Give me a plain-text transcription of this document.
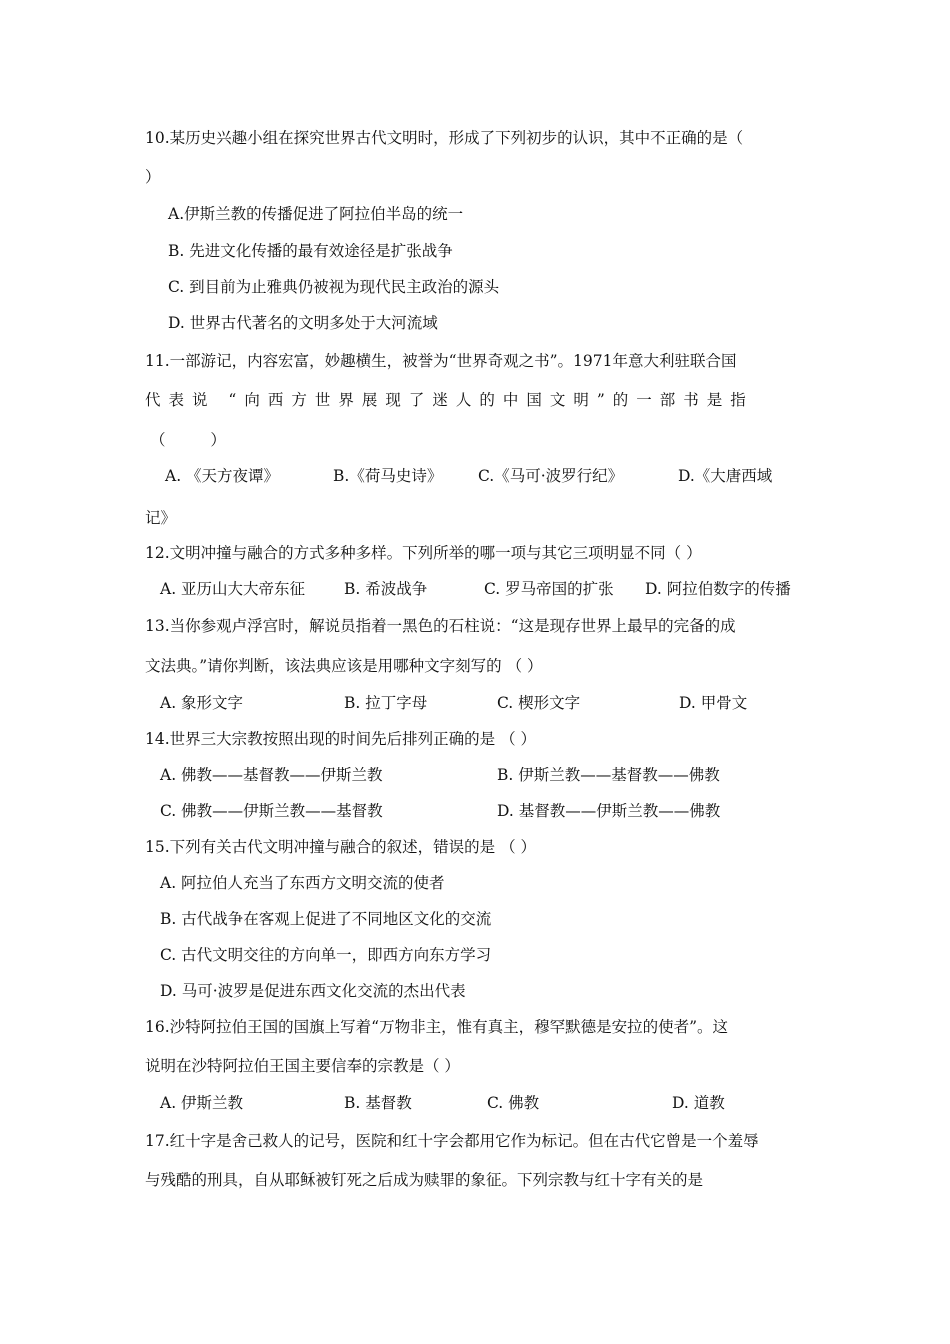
10.某历史兴趣小组在探究世界古代文明时，形成了下列初步的认识，其中不正确的是（
）
A.伊斯兰教的传播促进了阿拉伯半岛的统一
B. 先进文化传播的最有效途径是扩张战争
C. 到目前为止雅典仍被视为现代民主政治的源头
D. 世界古代著名的文明多处于大河流域
11.一部游记，内容宏富，妙趣横生，被誉为“世界奇观之书”。1971年意大利驻联合国
代表说 “向西方世界展现了迷人的中国文明”的一部书是指
（ ）
A. 《天方夜谭》	B.《荷马史诗》 C.《马可·波罗行纪》	D.《大唐西域
记》
12.文明冲撞与融合的方式多种多样。下列所举的哪一项与其它三项明显不同（ ）
A. 亚历山大大帝东征	B. 希波战争	C. 罗马帝国的扩张 D. 阿拉伯数字的传播
13.当你参观卢浮宫时，解说员指着一黑色的石柱说：“这是现存世界上最早的完备的成
文法典。”请你判断，该法典应该是用哪种文字刻写的 （ ）
A. 象形文字	B. 拉丁字母	C. 楔形文字	D. 甲骨文
14.世界三大宗教按照出现的时间先后排列正确的是 （ ）
A. 佛教——基督教——伊斯兰教	B. 伊斯兰教——基督教——佛教
C. 佛教——伊斯兰教——基督教	D. 基督教——伊斯兰教——佛教
15.下列有关古代文明冲撞与融合的叙述，错误的是 （ ）
A. 阿拉伯人充当了东西方文明交流的使者
B. 古代战争在客观上促进了不同地区文化的交流
C. 古代文明交往的方向单一，即西方向东方学习
D. 马可·波罗是促进东西文化交流的杰出代表
16.沙特阿拉伯王国的国旗上写着“万物非主，惟有真主，穆罕默德是安拉的使者”。这
说明在沙特阿拉伯王国主要信奉的宗教是（ ）
A. 伊斯兰教	B. 基督教	C. 佛教	D. 道教
17.红十字是舍己救人的记号，医院和红十字会都用它作为标记。但在古代它曾是一个羞辱
与残酷的刑具，自从耶稣被钉死之后成为赎罪的象征。下列宗教与红十字有关的是
